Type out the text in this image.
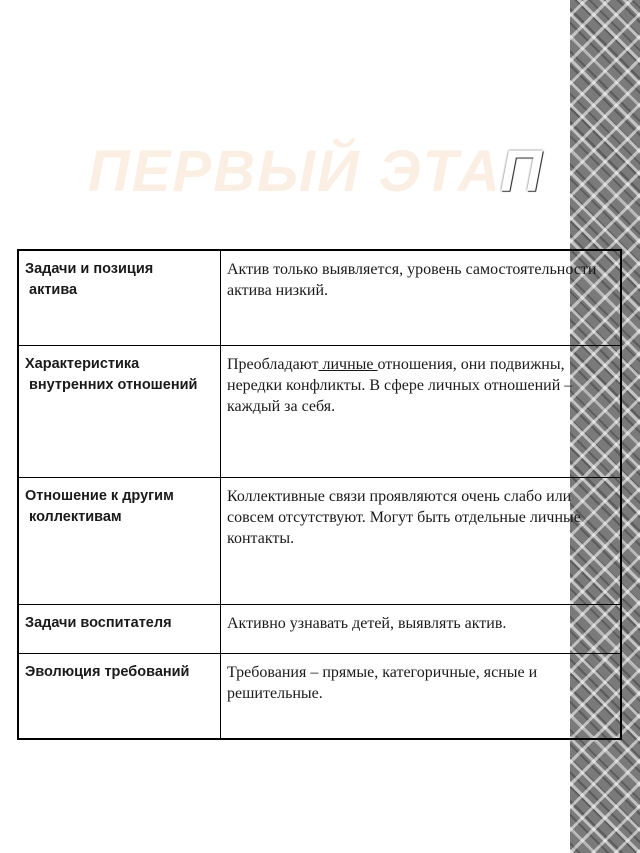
ПЕРВЫЙ ЭТАП
Задачи и позиция
актива	Актив только выявляется, уровень самостоятельности актива низкий.

Характеристика
внутренних отношений	Преобладают личные отношения, они подвижны, нередки конфликты. В сфере личных отношений – каждый за себя.

Отношение к другим
коллективам	Коллективные связи проявляются очень слабо или совсем отсутствуют. Могут быть отдельные личные контакты.

Задачи воспитателя	Активно узнавать детей, выявлять актив.

Эволюция требований	Требования – прямые, категоричные, ясные и решительные.
